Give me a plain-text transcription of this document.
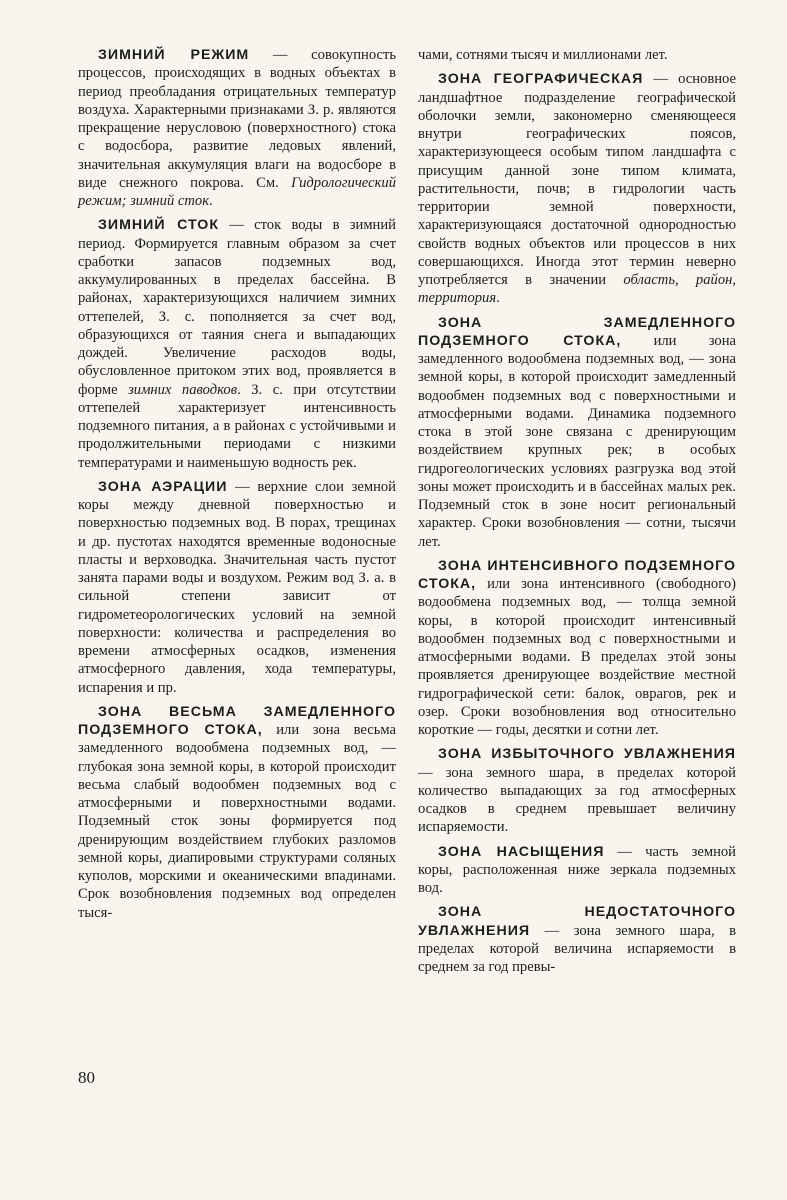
ЗИМНИЙ РЕЖИМ — совокупность процессов, происходящих в водных объектах в период преобладания отрицательных температур воздуха. Характерными признаками З. р. являются прекращение нерусловою (поверхностного) стока с водосбора, развитие ледовых явлений, значительная аккумуляция влаги на водосборе в виде снежного покрова. См. Гидрологический режим; зимний сток.

ЗИМНИЙ СТОК — сток воды в зимний период. Формируется главным образом за счет сработки запасов подземных вод, аккумулированных в пределах бассейна. В районах, характеризующихся наличием зимних оттепелей, З. с. пополняется за счет вод, образующихся от таяния снега и выпадающих дождей. Увеличение расходов воды, обусловленное притоком этих вод, проявляется в форме зимних паводков. З. с. при отсутствии оттепелей характеризует интенсивность подземного питания, а в районах с устойчивыми и продолжительными периодами с низкими температурами и наименьшую водность рек.

ЗОНА АЭРАЦИИ — верхние слои земной коры между дневной поверхностью и поверхностью подземных вод. В порах, трещинах и др. пустотах находятся временные водоносные пласты и верховодка. Значительная часть пустот занята парами воды и воздухом. Режим вод З. а. в сильной степени зависит от гидрометеорологических условий на земной поверхности: количества и распределения во времени атмосферных осадков, изменения атмосферного давления, хода температуры, испарения и пр.

ЗОНА ВЕСЬМА ЗАМЕДЛЕННОГО ПОДЗЕМНОГО СТОКА, или зона весьма замедленного водообмена подземных вод, — глубокая зона земной коры, в которой происходит весьма слабый водообмен подземных вод с атмосферными и поверхностными водами. Подземный сток зоны формируется под дренирующим воздействием глубоких разломов земной коры, диапировыми структурами соляных куполов, морскими и океаническими впадинами. Срок возобновления подземных вод определен тыся-

чами, сотнями тысяч и миллионами лет.

ЗОНА ГЕОГРАФИЧЕСКАЯ — основное ландшафтное подразделение географической оболочки земли, закономерно сменяющееся внутри географических поясов, характеризующееся особым типом ландшафта с присущим данной зоне типом климата, растительности, почв; в гидрологии часть территории земной поверхности, характеризующаяся достаточной однородностью свойств водных объектов или процессов в них совершающихся. Иногда этот термин неверно употребляется в значении область, район, территория.

ЗОНА ЗАМЕДЛЕННОГО ПОДЗЕМНОГО СТОКА, или зона замедленного водообмена подземных вод, — зона земной коры, в которой происходит замедленный водообмен подземных вод с поверхностными и атмосферными водами. Динамика подземного стока в этой зоне связана с дренирующим воздействием крупных рек; в особых гидрогеологических условиях разгрузка вод этой зоны может происходить и в бассейнах малых рек. Подземный сток в зоне носит региональный характер. Сроки возобновления — сотни, тысячи лет.

ЗОНА ИНТЕНСИВНОГО ПОДЗЕМНОГО СТОКА, или зона интенсивного (свободного) водообмена подземных вод, — толща земной коры, в которой происходит интенсивный водообмен подземных вод с поверхностными и атмосферными водами. В пределах этой зоны проявляется дренирующее воздействие местной гидрографической сети: балок, оврагов, рек и озер. Сроки возобновления вод относительно короткие — годы, десятки и сотни лет.

ЗОНА ИЗБЫТОЧНОГО УВЛАЖНЕНИЯ — зона земного шара, в пределах которой количество выпадающих за год атмосферных осадков в среднем превышает величину испаряемости.

ЗОНА НАСЫЩЕНИЯ — часть земной коры, расположенная ниже зеркала подземных вод.

ЗОНА НЕДОСТАТОЧНОГО УВЛАЖНЕНИЯ — зона земного шара, в пределах которой величина испаряемости в среднем за год превы-

80
